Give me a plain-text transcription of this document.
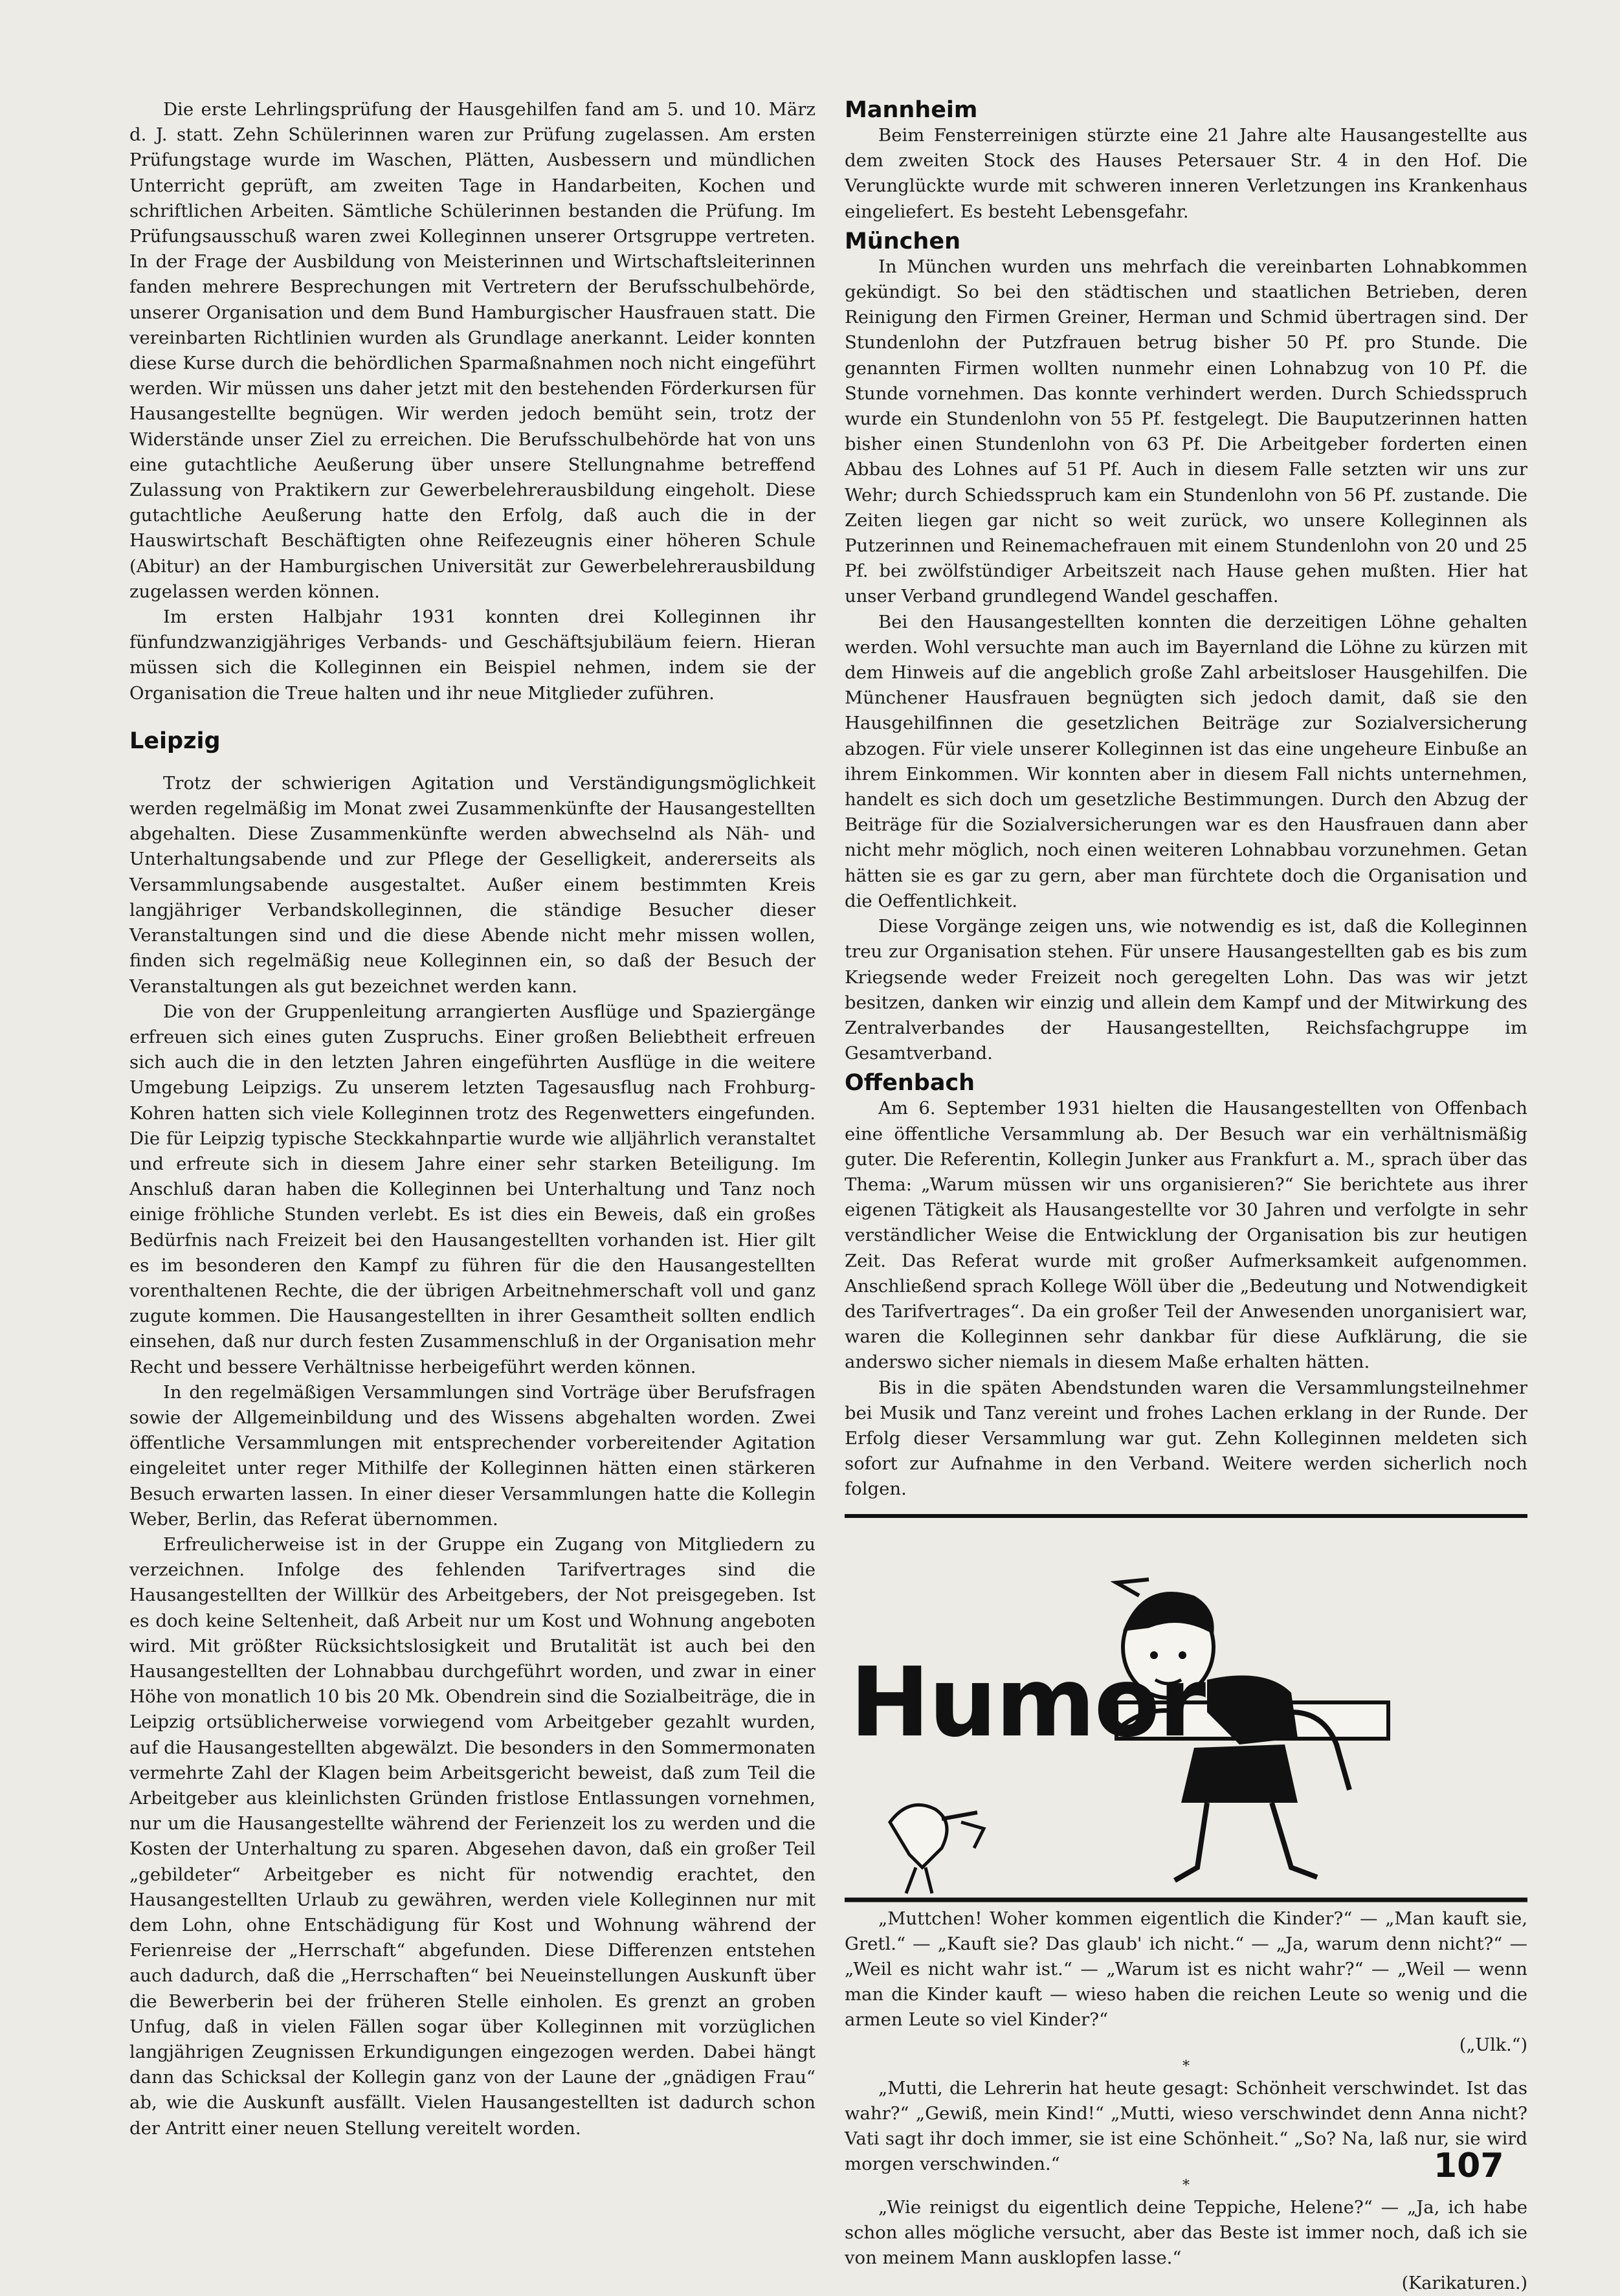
Die erste Lehrlingsprüfung der Hausgehilfen fand am 5. und 10. März d. J. statt. Zehn Schülerinnen waren zur Prüfung zugelassen. Am ersten Prüfungstage wurde im Waschen, Plätten, Ausbessern und mündlichen Unterricht geprüft, am zweiten Tage in Handarbeiten, Kochen und schriftlichen Arbeiten. Sämtliche Schülerinnen bestanden die Prüfung. Im Prüfungsausschuß waren zwei Kolleginnen unserer Ortsgruppe vertreten. In der Frage der Ausbildung von Meisterinnen und Wirtschaftsleiterinnen fanden mehrere Besprechungen mit Vertretern der Berufsschulbehörde, unserer Organisation und dem Bund Hamburgischer Hausfrauen statt. Die vereinbarten Richtlinien wurden als Grundlage anerkannt. Leider konnten diese Kurse durch die behördlichen Sparmaßnahmen noch nicht eingeführt werden. Wir müssen uns daher jetzt mit den bestehenden Förderkursen für Hausangestellte begnügen. Wir werden jedoch bemüht sein, trotz der Widerstände unser Ziel zu erreichen. Die Berufsschulbehörde hat von uns eine gutachtliche Aeußerung über unsere Stellungnahme betreffend Zulassung von Praktikern zur Gewerbelehrerausbildung eingeholt. Diese gutachtliche Aeußerung hatte den Erfolg, daß auch die in der Hauswirtschaft Beschäftigten ohne Reifezeugnis einer höheren Schule (Abitur) an der Hamburgischen Universität zur Gewerbelehrerausbildung zugelassen werden können.

Im ersten Halbjahr 1931 konnten drei Kolleginnen ihr fünfundzwanzigjähriges Verbands- und Geschäftsjubiläum feiern. Hieran müssen sich die Kolleginnen ein Beispiel nehmen, indem sie der Organisation die Treue halten und ihr neue Mitglieder zuführen.

Leipzig

Trotz der schwierigen Agitation und Verständigungsmöglichkeit werden regelmäßig im Monat zwei Zusammenkünfte der Hausangestellten abgehalten. Diese Zusammenkünfte werden abwechselnd als Näh- und Unterhaltungsabende und zur Pflege der Geselligkeit, andererseits als Versammlungsabende ausgestaltet. Außer einem bestimmten Kreis langjähriger Verbandskolleginnen, die ständige Besucher dieser Veranstaltungen sind und die diese Abende nicht mehr missen wollen, finden sich regelmäßig neue Kolleginnen ein, so daß der Besuch der Veranstaltungen als gut bezeichnet werden kann.

Die von der Gruppenleitung arrangierten Ausflüge und Spaziergänge erfreuen sich eines guten Zuspruchs. Einer großen Beliebtheit erfreuen sich auch die in den letzten Jahren eingeführten Ausflüge in die weitere Umgebung Leipzigs. Zu unserem letzten Tagesausflug nach Frohburg-Kohren hatten sich viele Kolleginnen trotz des Regenwetters eingefunden. Die für Leipzig typische Steckkahnpartie wurde wie alljährlich veranstaltet und erfreute sich in diesem Jahre einer sehr starken Beteiligung. Im Anschluß daran haben die Kolleginnen bei Unterhaltung und Tanz noch einige fröhliche Stunden verlebt. Es ist dies ein Beweis, daß ein großes Bedürfnis nach Freizeit bei den Hausangestellten vorhanden ist. Hier gilt es im besonderen den Kampf zu führen für die den Hausangestellten vorenthaltenen Rechte, die der übrigen Arbeitnehmerschaft voll und ganz zugute kommen. Die Hausangestellten in ihrer Gesamtheit sollten endlich einsehen, daß nur durch festen Zusammenschluß in der Organisation mehr Recht und bessere Verhältnisse herbeigeführt werden können.

In den regelmäßigen Versammlungen sind Vorträge über Berufsfragen sowie der Allgemeinbildung und des Wissens abgehalten worden. Zwei öffentliche Versammlungen mit entsprechender vorbereitender Agitation eingeleitet unter reger Mithilfe der Kolleginnen hätten einen stärkeren Besuch erwarten lassen. In einer dieser Versammlungen hatte die Kollegin Weber, Berlin, das Referat übernommen.

Erfreulicherweise ist in der Gruppe ein Zugang von Mitgliedern zu verzeichnen. Infolge des fehlenden Tarifvertrages sind die Hausangestellten der Willkür des Arbeitgebers, der Not preisgegeben. Ist es doch keine Seltenheit, daß Arbeit nur um Kost und Wohnung angeboten wird. Mit größter Rücksichtslosigkeit und Brutalität ist auch bei den Hausangestellten der Lohnabbau durchgeführt worden, und zwar in einer Höhe von monatlich 10 bis 20 Mk. Obendrein sind die Sozialbeiträge, die in Leipzig ortsüblicherweise vorwiegend vom Arbeitgeber gezahlt wurden, auf die Hausangestellten abgewälzt. Die besonders in den Sommermonaten vermehrte Zahl der Klagen beim Arbeitsgericht beweist, daß zum Teil die Arbeitgeber aus kleinlichsten Gründen fristlose Entlassungen vornehmen, nur um die Hausangestellte während der Ferienzeit los zu werden und die Kosten der Unterhaltung zu sparen. Abgesehen davon, daß ein großer Teil „gebildeter“ Arbeitgeber es nicht für notwendig erachtet, den Hausangestellten Urlaub zu gewähren, werden viele Kolleginnen nur mit dem Lohn, ohne Entschädigung für Kost und Wohnung während der Ferienreise der „Herrschaft“ abgefunden. Diese Differenzen entstehen auch dadurch, daß die „Herrschaften“ bei Neueinstellungen Auskunft über die Bewerberin bei der früheren Stelle einholen. Es grenzt an groben Unfug, daß in vielen Fällen sogar über Kolleginnen mit vorzüglichen langjährigen Zeugnissen Erkundigungen eingezogen werden. Dabei hängt dann das Schicksal der Kollegin ganz von der Laune der „gnädigen Frau“ ab, wie die Auskunft ausfällt. Vielen Hausangestellten ist dadurch schon der Antritt einer neuen Stellung vereitelt worden.

Mannheim

Beim Fensterreinigen stürzte eine 21 Jahre alte Hausangestellte aus dem zweiten Stock des Hauses Petersauer Str. 4 in den Hof. Die Verunglückte wurde mit schweren inneren Verletzungen ins Krankenhaus eingeliefert. Es besteht Lebensgefahr.

München

In München wurden uns mehrfach die vereinbarten Lohnabkommen gekündigt. So bei den städtischen und staatlichen Betrieben, deren Reinigung den Firmen Greiner, Herman und Schmid übertragen sind. Der Stundenlohn der Putzfrauen betrug bisher 50 Pf. pro Stunde. Die genannten Firmen wollten nunmehr einen Lohnabzug von 10 Pf. die Stunde vornehmen. Das konnte verhindert werden. Durch Schiedsspruch wurde ein Stundenlohn von 55 Pf. festgelegt. Die Bauputzerinnen hatten bisher einen Stundenlohn von 63 Pf. Die Arbeitgeber forderten einen Abbau des Lohnes auf 51 Pf. Auch in diesem Falle setzten wir uns zur Wehr; durch Schiedsspruch kam ein Stundenlohn von 56 Pf. zustande. Die Zeiten liegen gar nicht so weit zurück, wo unsere Kolleginnen als Putzerinnen und Reinemachefrauen mit einem Stundenlohn von 20 und 25 Pf. bei zwölfstündiger Arbeitszeit nach Hause gehen mußten. Hier hat unser Verband grundlegend Wandel geschaffen.

Bei den Hausangestellten konnten die derzeitigen Löhne gehalten werden. Wohl versuchte man auch im Bayernland die Löhne zu kürzen mit dem Hinweis auf die angeblich große Zahl arbeitsloser Hausgehilfen. Die Münchener Hausfrauen begnügten sich jedoch damit, daß sie den Hausgehilfinnen die gesetzlichen Beiträge zur Sozialversicherung abzogen. Für viele unserer Kolleginnen ist das eine ungeheure Einbuße an ihrem Einkommen. Wir konnten aber in diesem Fall nichts unternehmen, handelt es sich doch um gesetzliche Bestimmungen. Durch den Abzug der Beiträge für die Sozialversicherungen war es den Hausfrauen dann aber nicht mehr möglich, noch einen weiteren Lohnabbau vorzunehmen. Getan hätten sie es gar zu gern, aber man fürchtete doch die Organisation und die Oeffentlichkeit.

Diese Vorgänge zeigen uns, wie notwendig es ist, daß die Kolleginnen treu zur Organisation stehen. Für unsere Hausangestellten gab es bis zum Kriegsende weder Freizeit noch geregelten Lohn. Das was wir jetzt besitzen, danken wir einzig und allein dem Kampf und der Mitwirkung des Zentralverbandes der Hausangestellten, Reichsfachgruppe im Gesamtverband.

Offenbach

Am 6. September 1931 hielten die Hausangestellten von Offenbach eine öffentliche Versammlung ab. Der Besuch war ein verhältnismäßig guter. Die Referentin, Kollegin Junker aus Frankfurt a. M., sprach über das Thema: „Warum müssen wir uns organisieren?“ Sie berichtete aus ihrer eigenen Tätigkeit als Hausangestellte vor 30 Jahren und verfolgte in sehr verständlicher Weise die Entwicklung der Organisation bis zur heutigen Zeit. Das Referat wurde mit großer Aufmerksamkeit aufgenommen. Anschließend sprach Kollege Wöll über die „Bedeutung und Notwendigkeit des Tarifvertrages“. Da ein großer Teil der Anwesenden unorganisiert war, waren die Kolleginnen sehr dankbar für diese Aufklärung, die sie anderswo sicher niemals in diesem Maße erhalten hätten.

Bis in die späten Abendstunden waren die Versammlungsteilnehmer bei Musik und Tanz vereint und frohes Lachen erklang in der Runde. Der Erfolg dieser Versammlung war gut. Zehn Kolleginnen meldeten sich sofort zur Aufnahme in den Verband. Weitere werden sicherlich noch folgen.

Humor

„Muttchen! Woher kommen eigentlich die Kinder?“ — „Man kauft sie, Gretl.“ — „Kauft sie? Das glaub' ich nicht.“ — „Ja, warum denn nicht?“ — „Weil es nicht wahr ist.“ — „Warum ist es nicht wahr?“ — „Weil — wenn man die Kinder kauft — wieso haben die reichen Leute so wenig und die armen Leute so viel Kinder?“

(„Ulk.“)
*

„Mutti, die Lehrerin hat heute gesagt: Schönheit verschwindet. Ist das wahr?“ „Gewiß, mein Kind!“ „Mutti, wieso verschwindet denn Anna nicht? Vati sagt ihr doch immer, sie ist eine Schönheit.“ „So? Na, laß nur, sie wird morgen verschwinden.“

*

„Wie reinigst du eigentlich deine Teppiche, Helene?“ — „Ja, ich habe schon alles mögliche versucht, aber das Beste ist immer noch, daß ich sie von meinem Mann ausklopfen lasse.“

(Karikaturen.)
107
